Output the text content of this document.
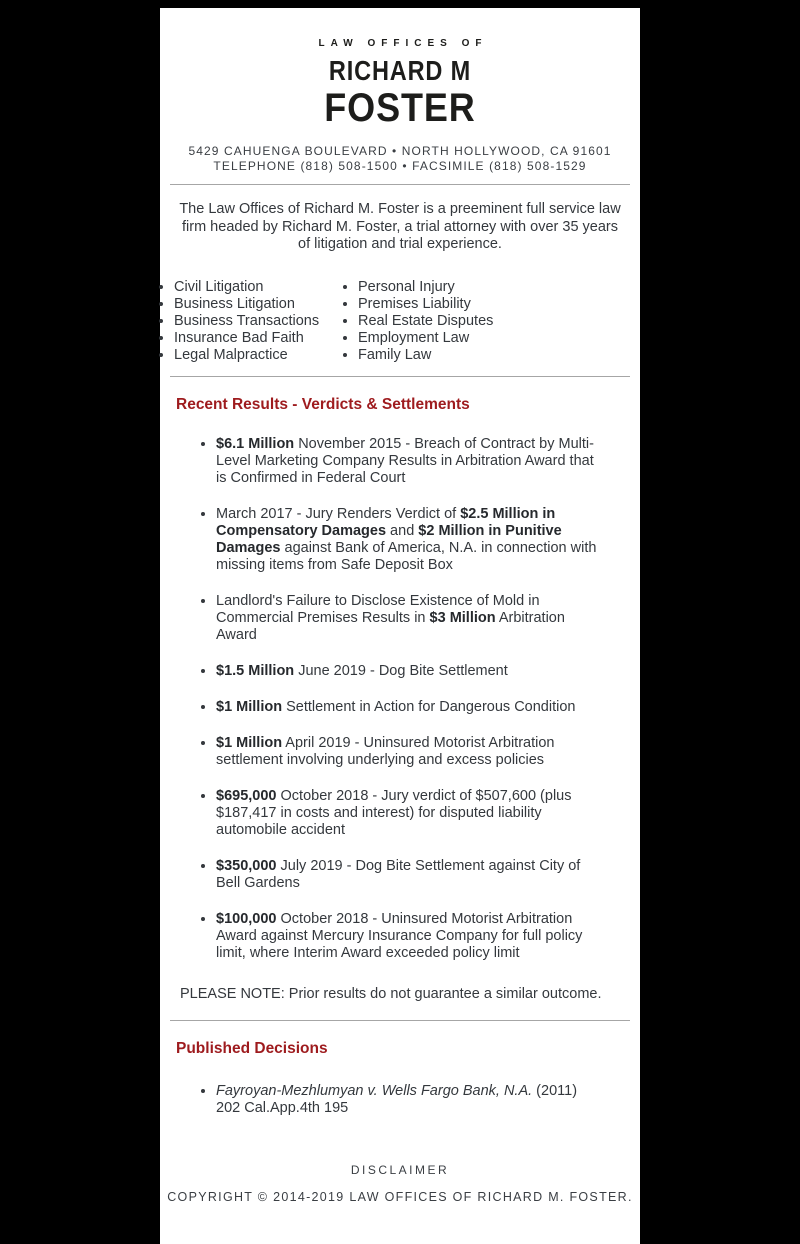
LAW OFFICES OF
RICHARD M
FOSTER
5429 CAHUENGA BOULEVARD • NORTH HOLLYWOOD, CA 91601
TELEPHONE (818) 508-1500 • FACSIMILE (818) 508-1529

The Law Offices of Richard M. Foster is a preeminent full service law firm headed by Richard M. Foster, a trial attorney with over 35 years of litigation and trial experience.

• Civil Litigation
• Business Litigation
• Business Transactions
• Insurance Bad Faith
• Legal Malpractice
• Personal Injury
• Premises Liability
• Real Estate Disputes
• Employment Law
• Family Law
Recent Results - Verdicts & Settlements
• $6.1 Million November 2015 - Breach of Contract by Multi-Level Marketing Company Results in Arbitration Award that is Confirmed in Federal Court
• March 2017 - Jury Renders Verdict of $2.5 Million in Compensatory Damages and $2 Million in Punitive Damages against Bank of America, N.A. in connection with missing items from Safe Deposit Box
• Landlord's Failure to Disclose Existence of Mold in Commercial Premises Results in $3 Million Arbitration Award
• $1.5 Million June 2019 - Dog Bite Settlement
• $1 Million Settlement in Action for Dangerous Condition
• $1 Million April 2019 - Uninsured Motorist Arbitration settlement involving underlying and excess policies
• $695,000 October 2018 - Jury verdict of $507,600 (plus $187,417 in costs and interest) for disputed liability automobile accident
• $350,000 July 2019 - Dog Bite Settlement against City of Bell Gardens
• $100,000 October 2018 - Uninsured Motorist Arbitration Award against Mercury Insurance Company for full policy limit, where Interim Award exceeded policy limit

PLEASE NOTE: Prior results do not guarantee a similar outcome.

Published Decisions
• Fayroyan-Mezhlumyan v. Wells Fargo Bank, N.A. (2011) 202 Cal.App.4th 195
DISCLAIMER
COPYRIGHT © 2014-2019 LAW OFFICES OF RICHARD M. FOSTER.
